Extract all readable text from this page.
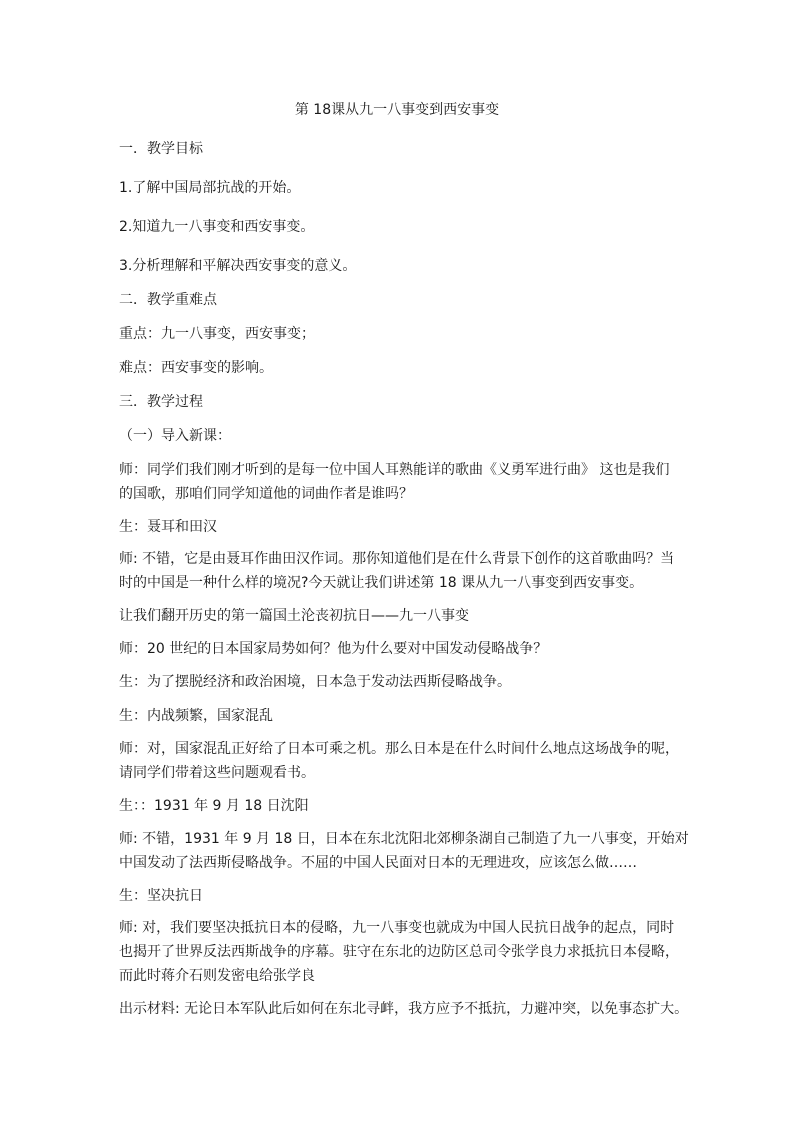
第 18课从九一八事变到西安事变
一．教学目标
1.了解中国局部抗战的开始。
2.知道九一八事变和西安事变。
3.分析理解和平解决西安事变的意义。
二．教学重难点
重点：九一八事变，西安事变；
难点：西安事变的影响。
三．教学过程
（一）导入新课：
师：同学们我们刚才听到的是每一位中国人耳熟能详的歌曲《义勇军进行曲》 这也是我们
的国歌，那咱们同学知道他的词曲作者是谁吗？
生：聂耳和田汉
师: 不错，它是由聂耳作曲田汉作词。那你知道他们是在什么背景下创作的这首歌曲吗？当
时的中国是一种什么样的境况?今天就让我们讲述第 18 课从九一八事变到西安事变。
让我们翻开历史的第一篇国土沦丧初抗日——九一八事变
师：20 世纪的日本国家局势如何？他为什么要对中国发动侵略战争？
生：为了摆脱经济和政治困境，日本急于发动法西斯侵略战争。
生：内战频繁，国家混乱
师：对，国家混乱正好给了日本可乘之机。那么日本是在什么时间什么地点这场战争的呢，
请同学们带着这些问题观看书。
生：：1931 年 9 月 18 日沈阳
师: 不错，1931 年 9 月 18 日，日本在东北沈阳北郊柳条湖自己制造了九一八事变，开始对
中国发动了法西斯侵略战争。不屈的中国人民面对日本的无理进攻，应该怎么做……
生：坚决抗日
师: 对，我们要坚决抵抗日本的侵略，九一八事变也就成为中国人民抗日战争的起点，同时
也揭开了世界反法西斯战争的序幕。驻守在东北的边防区总司令张学良力求抵抗日本侵略，
而此时蒋介石则发密电给张学良
出示材料: 无论日本军队此后如何在东北寻衅，我方应予不抵抗，力避冲突，以免事态扩大。
